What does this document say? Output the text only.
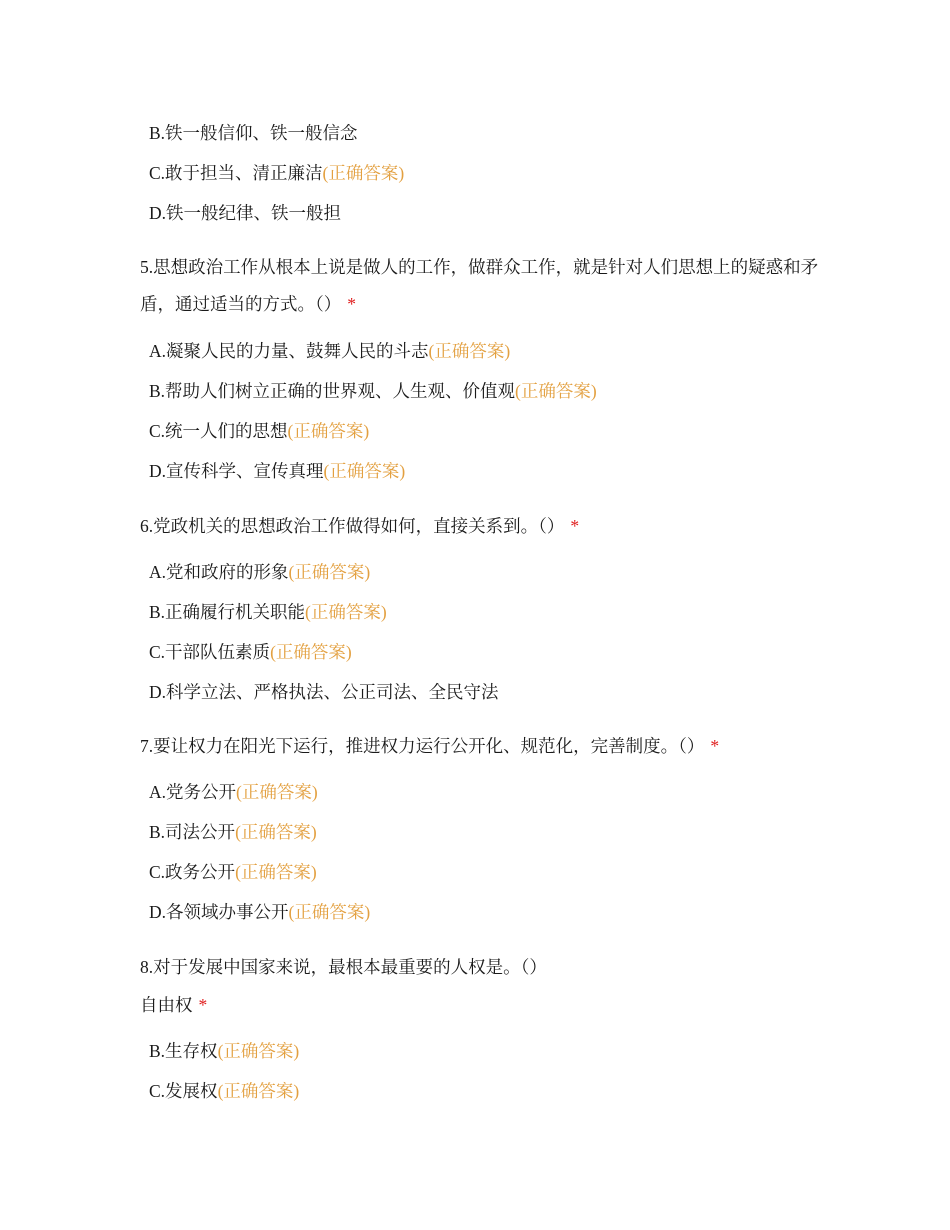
B.铁一般信仰、铁一般信念
C.敢于担当、清正廉洁(正确答案)
D.铁一般纪律、铁一般担

5.思想政治工作从根本上说是做人的工作，做群众工作，就是针对人们思想上的疑惑和矛盾，通过适当的方式。（） *

A.凝聚人民的力量、鼓舞人民的斗志(正确答案)
B.帮助人们树立正确的世界观、人生观、价值观(正确答案)
C.统一人们的思想(正确答案)
D.宣传科学、宣传真理(正确答案)

6.党政机关的思想政治工作做得如何，直接关系到。（） *

A.党和政府的形象(正确答案)
B.正确履行机关职能(正确答案)
C.干部队伍素质(正确答案)
D.科学立法、严格执法、公正司法、全民守法

7.要让权力在阳光下运行，推进权力运行公开化、规范化，完善制度。（） *

A.党务公开(正确答案)
B.司法公开(正确答案)
C.政务公开(正确答案)
D.各领域办事公开(正确答案)
8.对于发展中国家来说，最根本最重要的人权是。（）
自由权 *
B.生存权(正确答案)
C.发展权(正确答案)
